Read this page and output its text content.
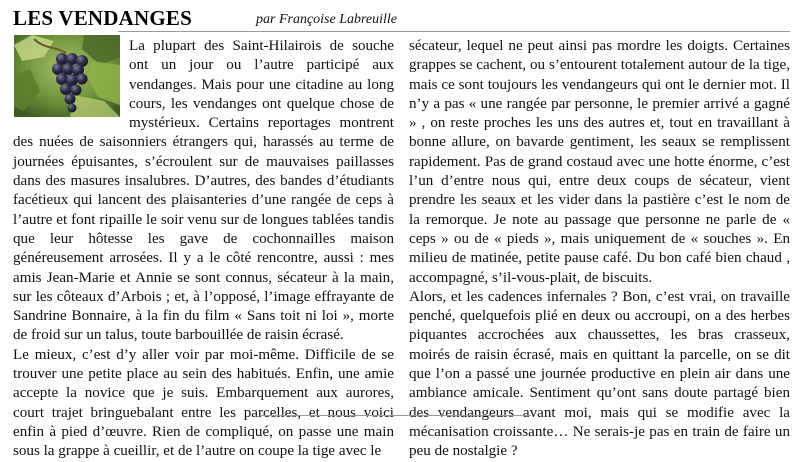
LES VENDANGES	par Françoise Labreuille

La plupart des Saint-Hilairois de souche ont un jour ou l’autre participé aux vendanges. Mais pour une citadine au long cours, les vendanges ont quelque chose de mystérieux. Certains reportages montrent des nuées de saisonniers étrangers qui, harassés au terme de journées épuisantes, s’écroulent sur de mauvaises paillasses dans des masures insalubres. D’autres, des bandes d’étudiants facétieux qui lancent des plaisanteries d’une rangée de ceps à l’autre et font ripaille le soir venu sur de longues tablées tandis que leur hôtesse les gave de cochonnailles maison généreusement arrosées. Il y a le côté rencontre, aussi : mes amis Jean-Marie et Annie se sont connus, sécateur à la main, sur les côteaux d’Arbois ; et, à l’opposé, l’image effrayante de Sandrine Bonnaire, à la fin du film « Sans toit ni loi », morte de froid sur un talus, toute barbouillée de raisin écrasé.

Le mieux, c’est d’y aller voir par moi-même. Difficile de se trouver une petite place au sein des habitués. Enfin, une amie accepte la novice que je suis. Embarquement aux aurores, court trajet bringuebalant entre les parcelles, et nous voici enfin à pied d’œuvre. Rien de compliqué, on passe une main sous la grappe à cueillir, et de l’autre on coupe la tige avec le

sécateur, lequel ne peut ainsi pas mordre les doigts. Certaines grappes se cachent, ou s’entourent totalement autour de la tige, mais ce sont toujours les vendangeurs qui ont le dernier mot. Il n’y a pas « une rangée par personne, le premier arrivé a gagné » , on reste proches les uns des autres et, tout en travaillant à bonne allure, on bavarde gentiment, les seaux se remplissent rapidement. Pas de grand costaud avec une hotte énorme, c’est l’un d’entre nous qui, entre deux coups de sécateur, vient prendre les seaux et les vider dans la pastière c’est le nom de la remorque. Je note au passage que personne ne parle de « ceps » ou de « pieds », mais uniquement de « souches ». En milieu de matinée, petite pause café. Du bon café bien chaud , accompagné, s’il-vous-plait, de biscuits.

Alors, et les cadences infernales ? Bon, c’est vrai, on travaille penché, quelquefois plié en deux ou accroupi, on a des herbes piquantes accrochées aux chaussettes, les bras crasseux, moirés de raisin écrasé, mais en quittant la parcelle, on se dit que l’on a passé une journée productive en plein air dans une ambiance amicale. Sentiment qu’ont sans doute partagé bien des vendangeurs avant moi, mais qui se modifie avec la mécanisation croissante… Ne serais-je pas en train de faire un peu de nostalgie ?
